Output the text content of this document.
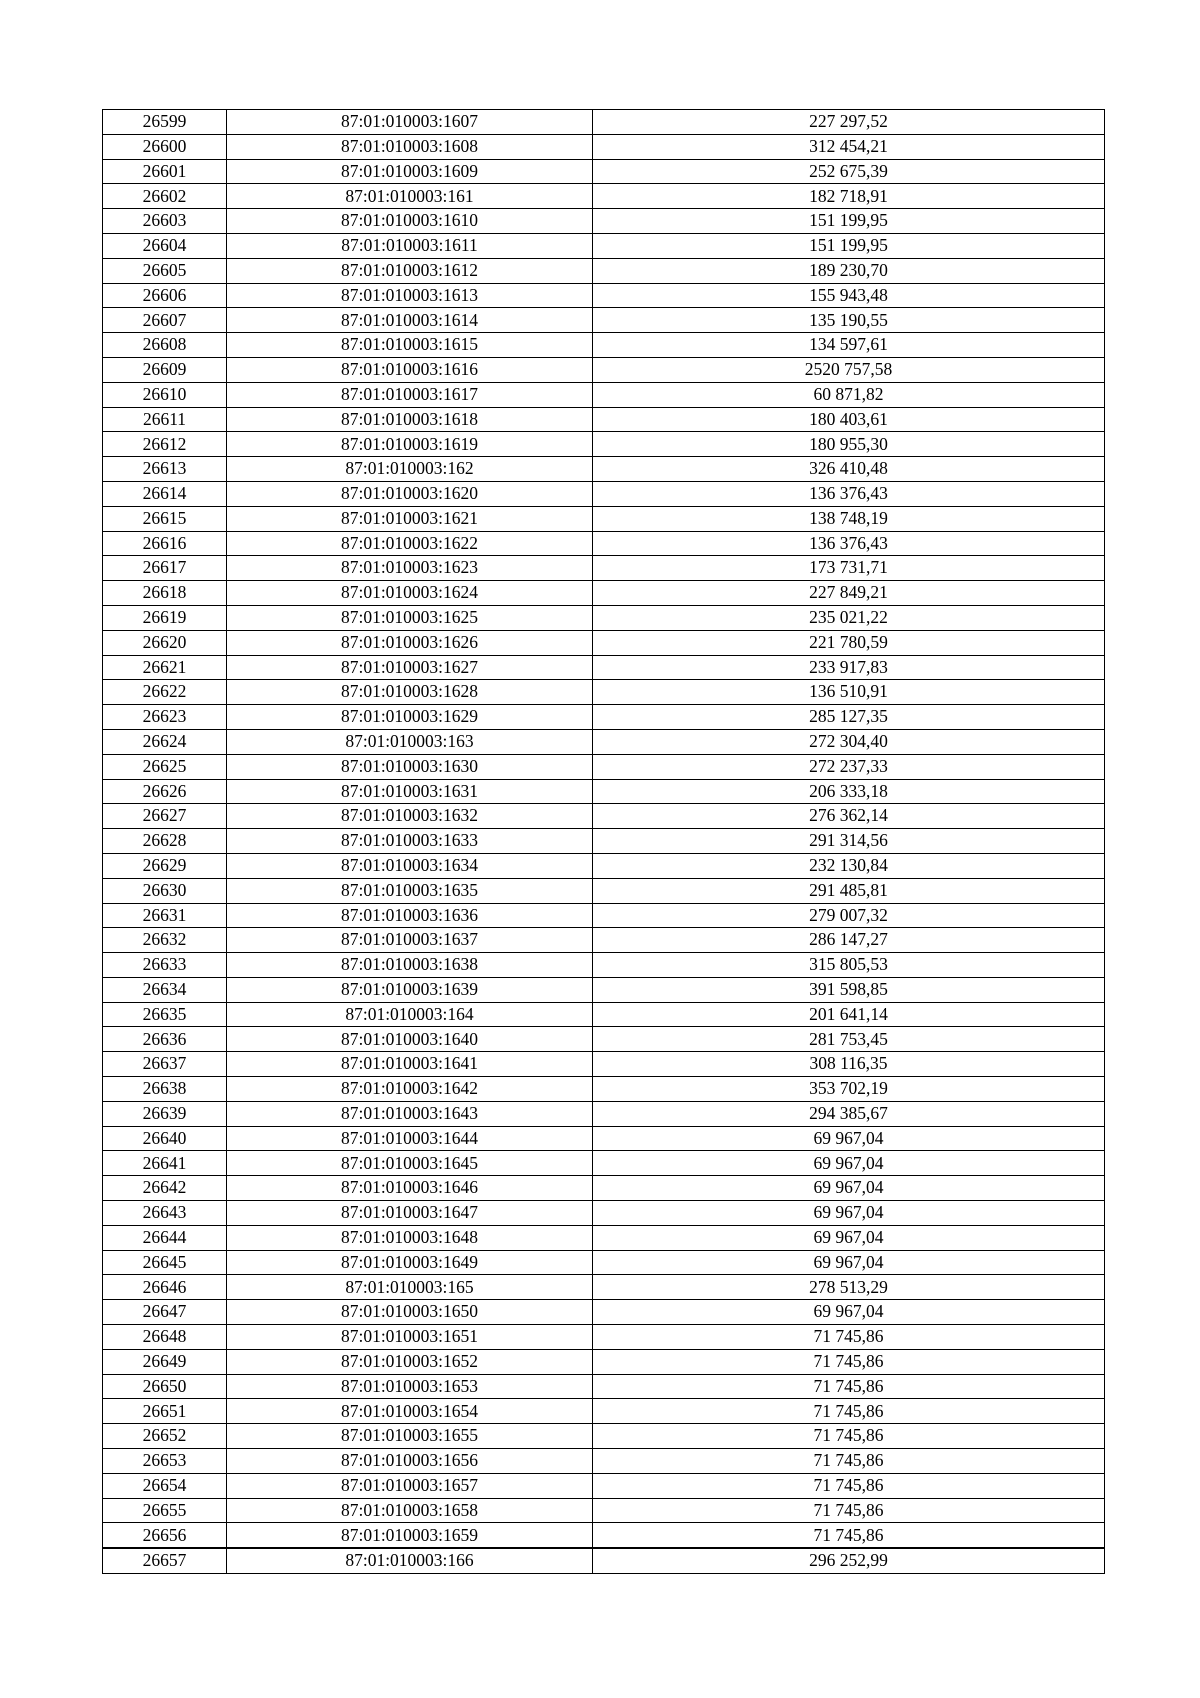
26599	87:01:010003:1607	227 297,52
26600	87:01:010003:1608	312 454,21
26601	87:01:010003:1609	252 675,39
26602	87:01:010003:161	182 718,91
26603	87:01:010003:1610	151 199,95
26604	87:01:010003:1611	151 199,95
26605	87:01:010003:1612	189 230,70
26606	87:01:010003:1613	155 943,48
26607	87:01:010003:1614	135 190,55
26608	87:01:010003:1615	134 597,61
26609	87:01:010003:1616	2520 757,58
26610	87:01:010003:1617	60 871,82
26611	87:01:010003:1618	180 403,61
26612	87:01:010003:1619	180 955,30
26613	87:01:010003:162	326 410,48
26614	87:01:010003:1620	136 376,43
26615	87:01:010003:1621	138 748,19
26616	87:01:010003:1622	136 376,43
26617	87:01:010003:1623	173 731,71
26618	87:01:010003:1624	227 849,21
26619	87:01:010003:1625	235 021,22
26620	87:01:010003:1626	221 780,59
26621	87:01:010003:1627	233 917,83
26622	87:01:010003:1628	136 510,91
26623	87:01:010003:1629	285 127,35
26624	87:01:010003:163	272 304,40
26625	87:01:010003:1630	272 237,33
26626	87:01:010003:1631	206 333,18
26627	87:01:010003:1632	276 362,14
26628	87:01:010003:1633	291 314,56
26629	87:01:010003:1634	232 130,84
26630	87:01:010003:1635	291 485,81
26631	87:01:010003:1636	279 007,32
26632	87:01:010003:1637	286 147,27
26633	87:01:010003:1638	315 805,53
26634	87:01:010003:1639	391 598,85
26635	87:01:010003:164	201 641,14
26636	87:01:010003:1640	281 753,45
26637	87:01:010003:1641	308 116,35
26638	87:01:010003:1642	353 702,19
26639	87:01:010003:1643	294 385,67
26640	87:01:010003:1644	69 967,04
26641	87:01:010003:1645	69 967,04
26642	87:01:010003:1646	69 967,04
26643	87:01:010003:1647	69 967,04
26644	87:01:010003:1648	69 967,04
26645	87:01:010003:1649	69 967,04
26646	87:01:010003:165	278 513,29
26647	87:01:010003:1650	69 967,04
26648	87:01:010003:1651	71 745,86
26649	87:01:010003:1652	71 745,86
26650	87:01:010003:1653	71 745,86
26651	87:01:010003:1654	71 745,86
26652	87:01:010003:1655	71 745,86
26653	87:01:010003:1656	71 745,86
26654	87:01:010003:1657	71 745,86
26655	87:01:010003:1658	71 745,86
26656	87:01:010003:1659	71 745,86
26657	87:01:010003:166	296 252,99
